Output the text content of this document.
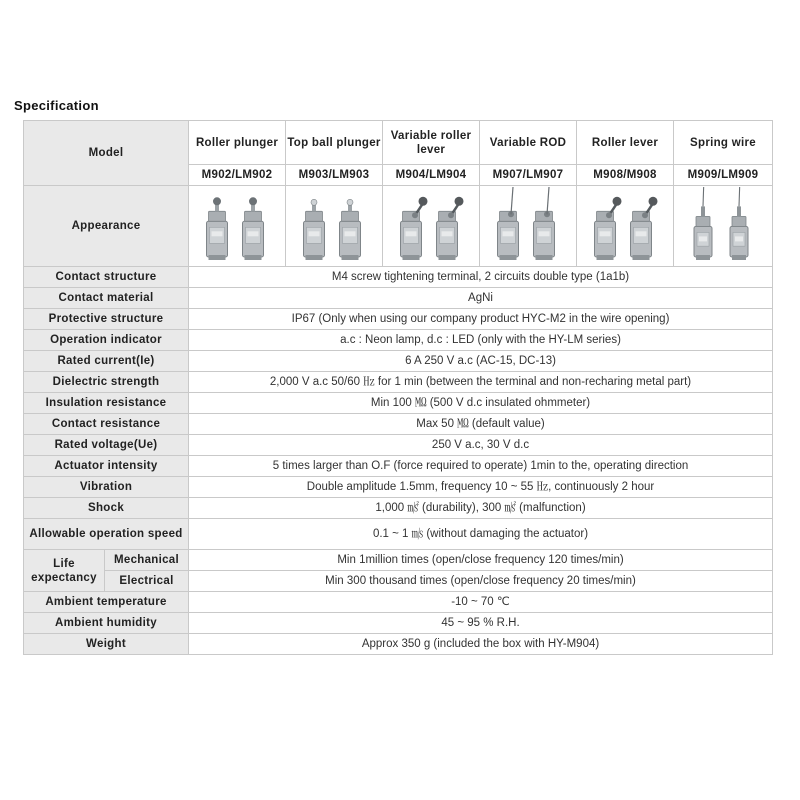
Specification
Model		Roller plunger	Top ball plunger	Variable roller lever	Variable ROD	Roller lever	Spring wire
		M902/LM902	M903/LM903	M904/LM904	M907/LM907	M908/M908	M909/LM909
Appearance	

Contact structure		M4 screw tightening terminal, 2 circuits double type (1a1b)					
Contact material		AgNi					
Protective structure		IP67 (Only when using our company product HYC-M2 in the wire opening)					
Operation indicator		a.c : Neon lamp, d.c : LED (only with the HY-LM series)					
Rated current(Ie)		6 A 250 V a.c (AC-15, DC-13)					
Dielectric strength		2,000 V a.c 50/60 ㎐ for 1 min (between the terminal and non-recharing metal part)					
Insulation resistance		Min 100 ㏁ (500 V d.c insulated ohmmeter)					
Contact resistance		Max 50 ㏁ (default value)					
Rated voltage(Ue)		250 V a.c, 30 V d.c					
Actuator intensity		5 times larger than O.F (force required to operate) 1min to the, operating direction					
Vibration		Double amplitude 1.5mm, frequency 10 ~ 55 ㎐, continuously 2 hour					
Shock		1,000 ㎨ (durability), 300 ㎨ (malfunction)					
Allowable operation speed		0.1 ~ 1 ㎧ (without damaging the actuator)					
Life expectancy	Mechanical	Min 1million times (open/close frequency 120 times/min)					
	Electrical	Min 300 thousand times (open/close frequency 20 times/min)					
Ambient temperature		-10 ~ 70 ℃					
Ambient humidity		45 ~ 95 % R.H.					
Weight		Approx 350 g (included the box with HY-M904)					
